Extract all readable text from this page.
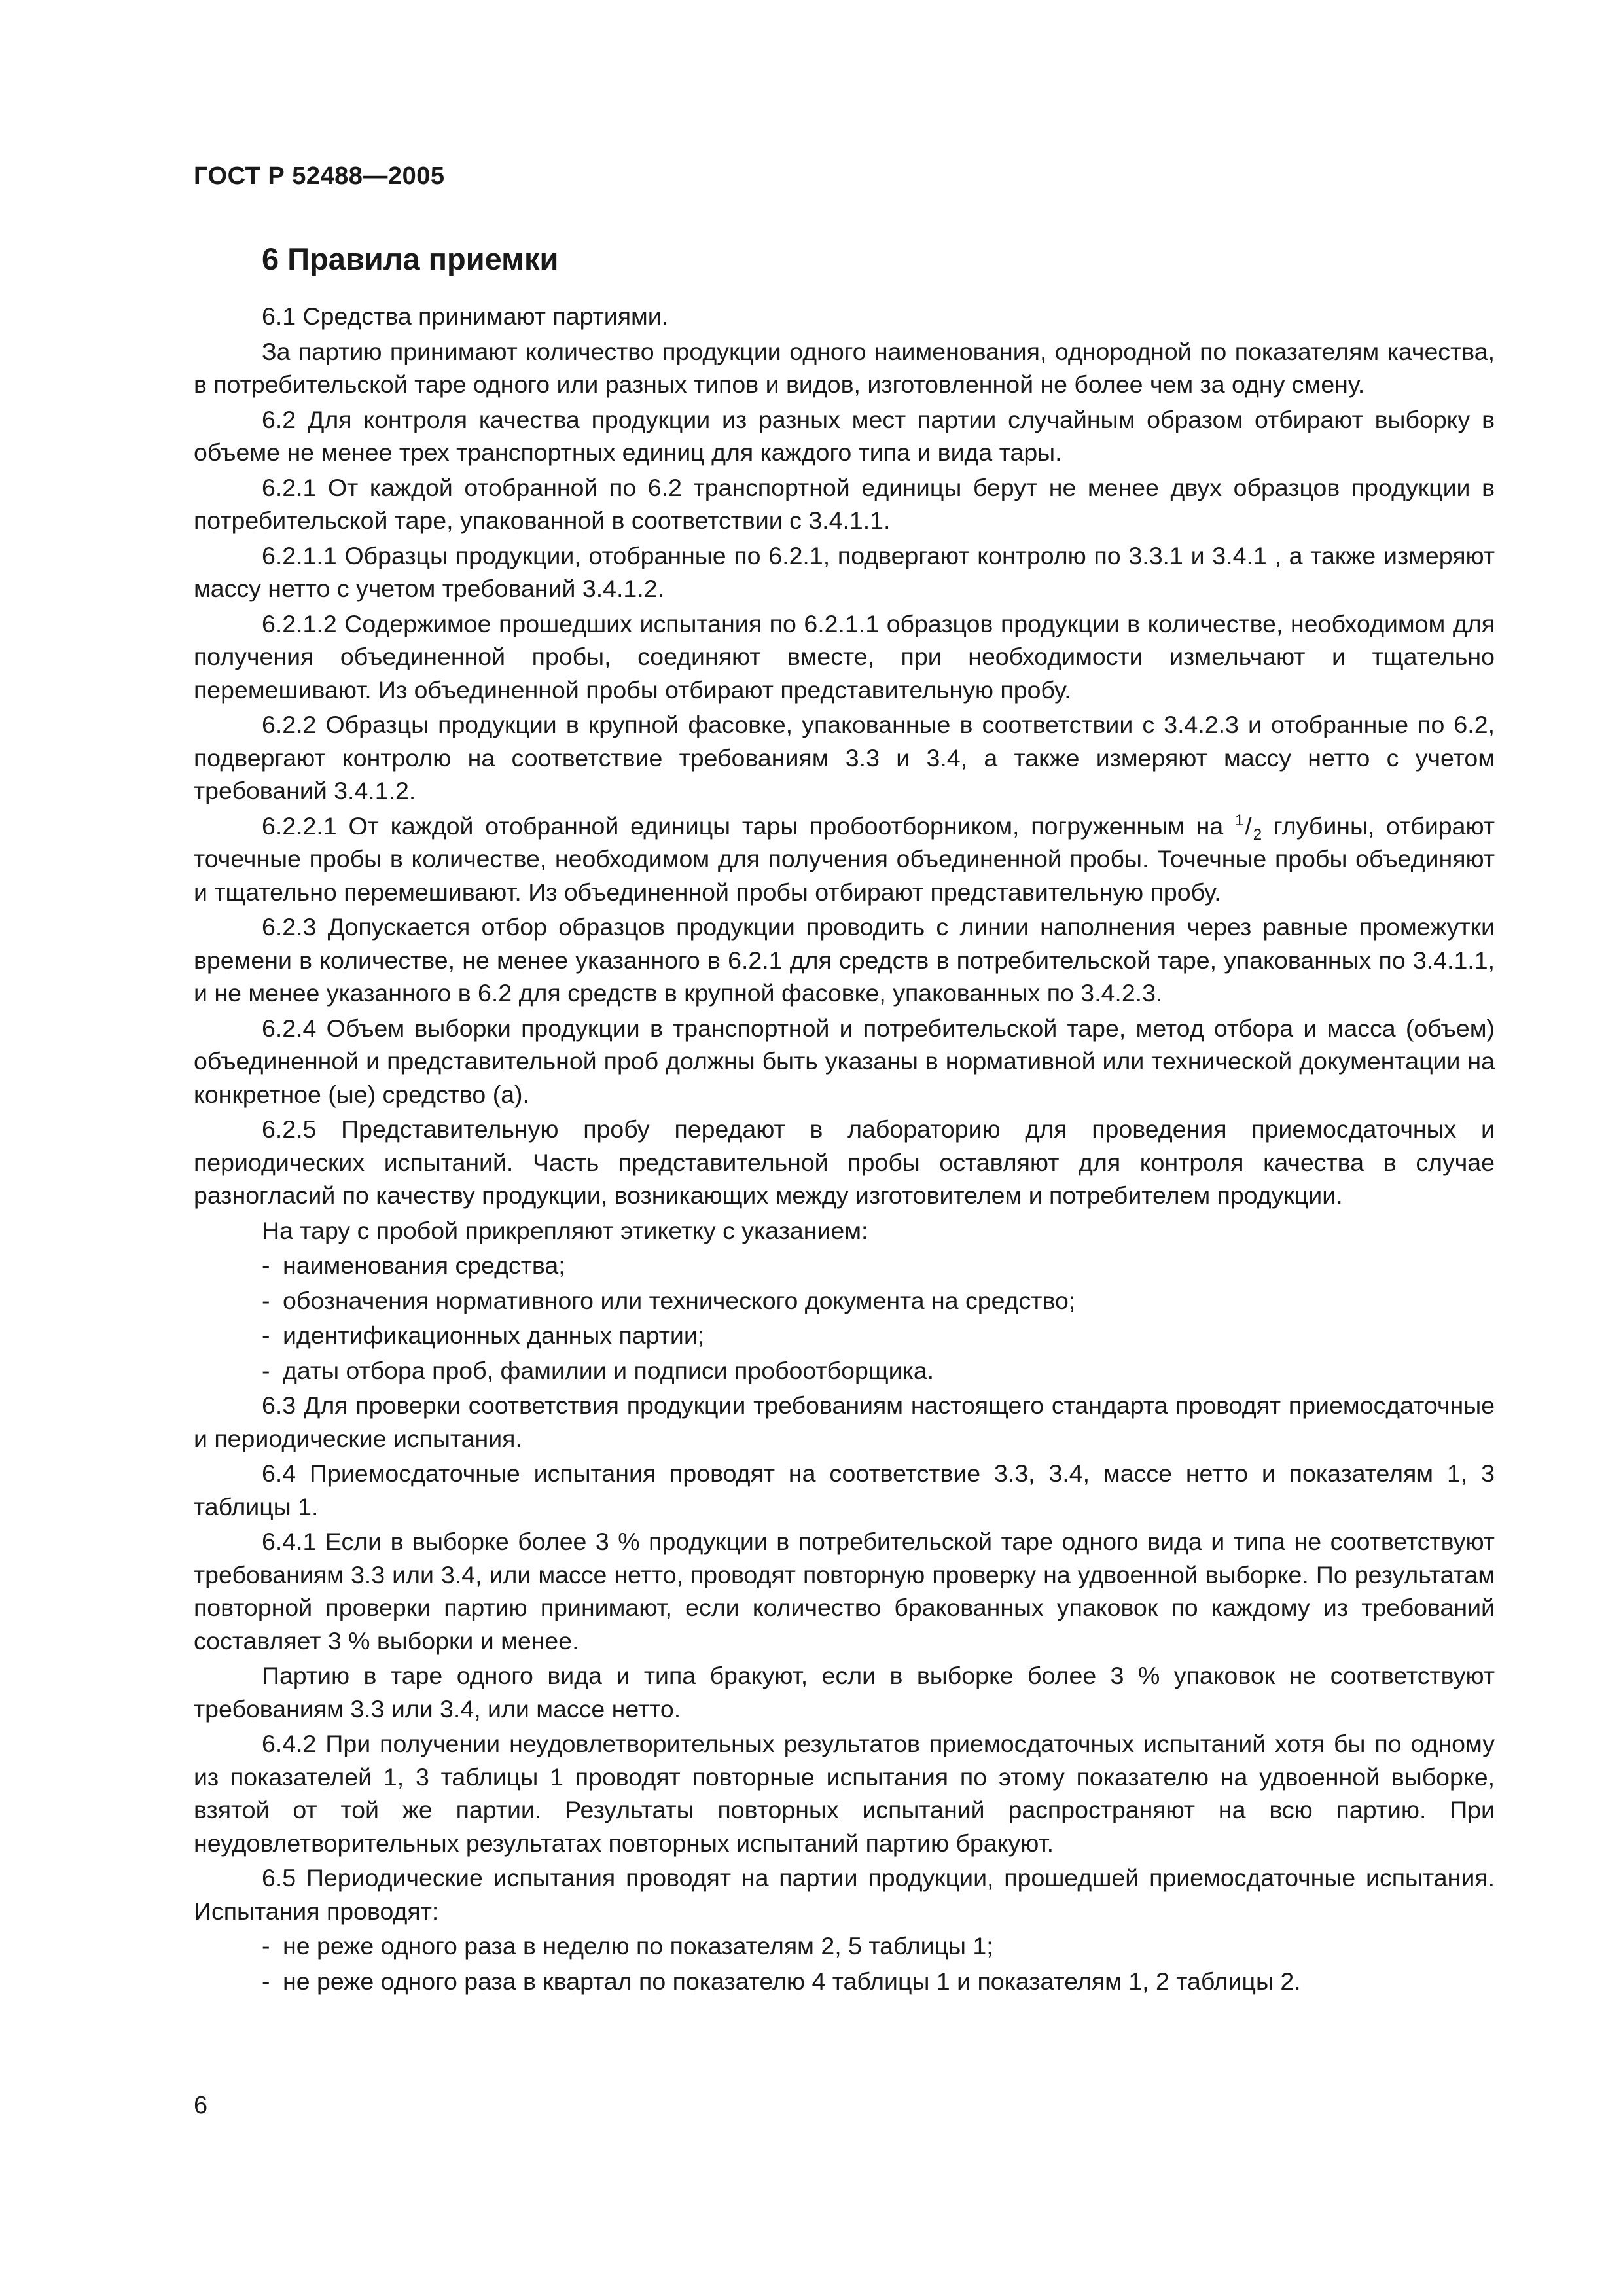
ГОСТ Р 52488—2005
6 Правила приемки

6.1 Средства принимают партиями.

За партию принимают количество продукции одного наименования, однородной по показателям качества, в потребительской таре одного или разных типов и видов, изготовленной не более чем за одну смену.

6.2 Для контроля качества продукции из разных мест партии случайным образом отбирают выборку в объеме не менее трех транспортных единиц для каждого типа и вида тары.

6.2.1 От каждой отобранной по 6.2 транспортной единицы берут не менее двух образцов продукции в потребительской таре, упакованной в соответствии с 3.4.1.1.

6.2.1.1 Образцы продукции, отобранные по 6.2.1, подвергают контролю по 3.3.1 и 3.4.1 , а также измеряют массу нетто с учетом требований 3.4.1.2.

6.2.1.2 Содержимое прошедших испытания по 6.2.1.1 образцов продукции в количестве, необходимом для получения объединенной пробы, соединяют вместе, при необходимости измельчают и тщательно перемешивают. Из объединенной пробы отбирают представительную пробу.

6.2.2 Образцы продукции в крупной фасовке, упакованные в соответствии с 3.4.2.3 и отобранные по 6.2, подвергают контролю на соответствие требованиям 3.3 и 3.4, а также измеряют массу нетто с учетом требований 3.4.1.2.

6.2.2.1 От каждой отобранной единицы тары пробоотборником, погруженным на $^1/_2$ глубины, отбирают точечные пробы в количестве, необходимом для получения объединенной пробы. Точечные пробы объединяют и тщательно перемешивают. Из объединенной пробы отбирают представительную пробу.

6.2.3 Допускается отбор образцов продукции проводить с линии наполнения через равные промежутки времени в количестве, не менее указанного в 6.2.1 для средств в потребительской таре, упакованных по 3.4.1.1, и не менее указанного в 6.2 для средств в крупной фасовке, упакованных по 3.4.2.3.

6.2.4 Объем выборки продукции в транспортной и потребительской таре, метод отбора и масса (объем) объединенной и представительной проб должны быть указаны в нормативной или технической документации на конкретное (ые) средство (а).

6.2.5 Представительную пробу передают в лабораторию для проведения приемосдаточных и периодических испытаний. Часть представительной пробы оставляют для контроля качества в случае разногласий по качеству продукции, возникающих между изготовителем и потребителем продукции.

На тару с пробой прикрепляют этикетку с указанием:

- наименования средства;

- обозначения нормативного или технического документа на средство;

- идентификационных данных партии;

- даты отбора проб, фамилии и подписи пробоотборщика.

6.3 Для проверки соответствия продукции требованиям настоящего стандарта проводят приемосдаточные и периодические испытания.

6.4 Приемосдаточные испытания проводят на соответствие 3.3, 3.4, массе нетто и показателям 1, 3 таблицы 1.

6.4.1 Если в выборке более 3 % продукции в потребительской таре одного вида и типа не соответствуют требованиям 3.3 или 3.4, или массе нетто, проводят повторную проверку на удвоенной выборке. По результатам повторной проверки партию принимают, если количество бракованных упаковок по каждому из требований составляет 3 % выборки и менее.

Партию в таре одного вида и типа бракуют, если в выборке более 3 % упаковок не соответствуют требованиям 3.3 или 3.4, или массе нетто.

6.4.2 При получении неудовлетворительных результатов приемосдаточных испытаний хотя бы по одному из показателей 1, 3 таблицы 1 проводят повторные испытания по этому показателю на удвоенной выборке, взятой от той же партии. Результаты повторных испытаний распространяют на всю партию. При неудовлетворительных результатах повторных испытаний партию бракуют.

6.5 Периодические испытания проводят на партии продукции, прошедшей приемосдаточные испытания. Испытания проводят:

- не реже одного раза в неделю по показателям 2, 5 таблицы 1;

- не реже одного раза в квартал по показателю 4 таблицы 1 и показателям 1, 2 таблицы 2.

6
